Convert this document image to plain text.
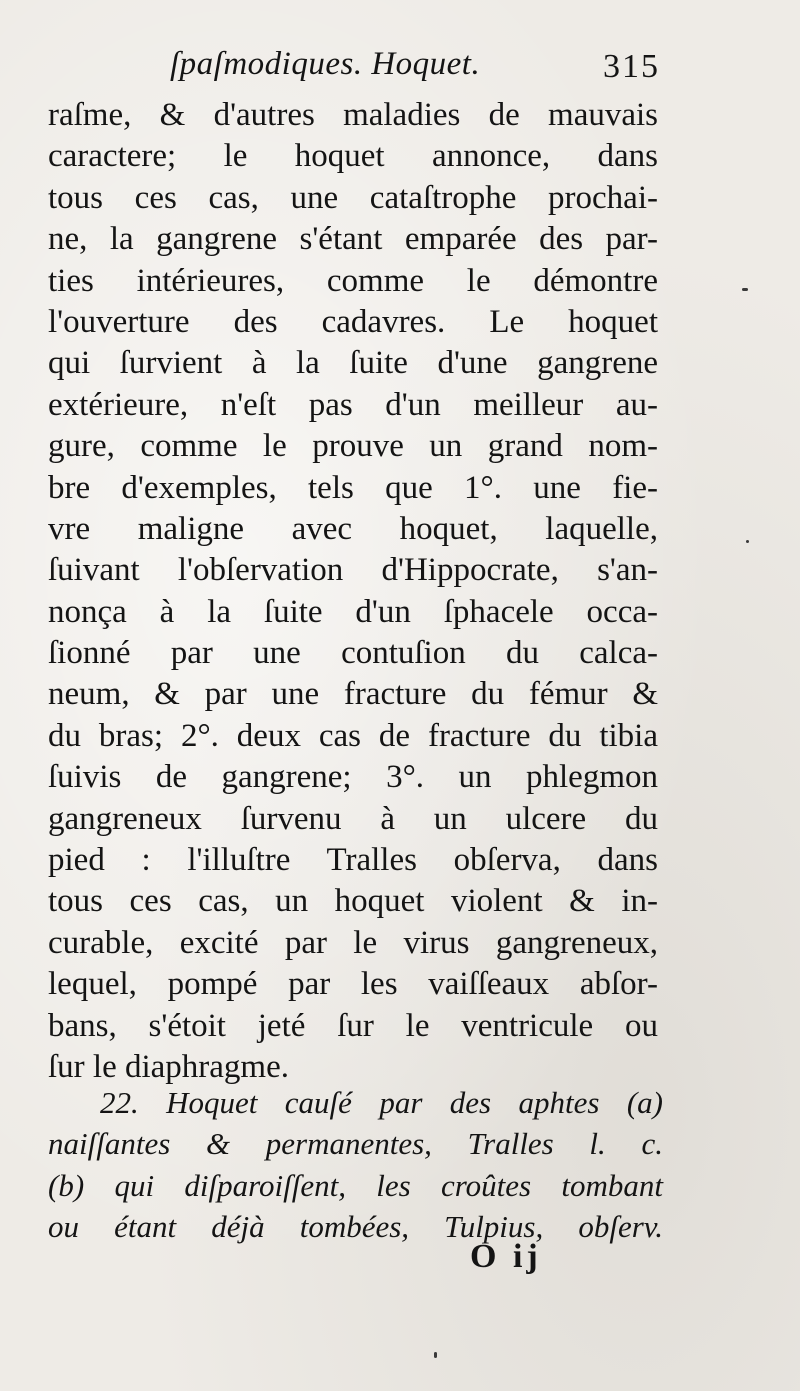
ſpaſmodiques. Hoquet.	315
raſme, & d'autres maladies de mauvais
caractere; le hoquet annonce, dans
tous ces cas, une cataſtrophe prochai-
ne, la gangrene s'étant emparée des par-
ties intérieures, comme le démontre
l'ouverture des cadavres. Le hoquet
qui ſurvient à la ſuite d'une gangrene
extérieure, n'eſt pas d'un meilleur au-
gure, comme le prouve un grand nom-
bre d'exemples, tels que 1°. une fie-
vre maligne avec hoquet, laquelle,
ſuivant l'obſervation d'Hippocrate, s'an-
nonça à la ſuite d'un ſphacele occa-
ſionné par une contuſion du calca-
neum, & par une fracture du fémur &
du bras; 2°. deux cas de fracture du tibia
ſuivis de gangrene; 3°. un phlegmon
gangreneux ſurvenu à un ulcere du
pied : l'illuſtre Tralles obſerva, dans
tous ces cas, un hoquet violent & in-
curable, excité par le virus gangreneux,
lequel, pompé par les vaiſſeaux abſor-
bans, s'étoit jeté ſur le ventricule ou
ſur le diaphragme.
22. Hoquet cauſé par des aphtes (a)
naiſſantes & permanentes, Tralles l. c.
(b) qui diſparoiſſent, les croûtes tombant
ou étant déjà tombées, Tulpius, obſerv.
O ij
